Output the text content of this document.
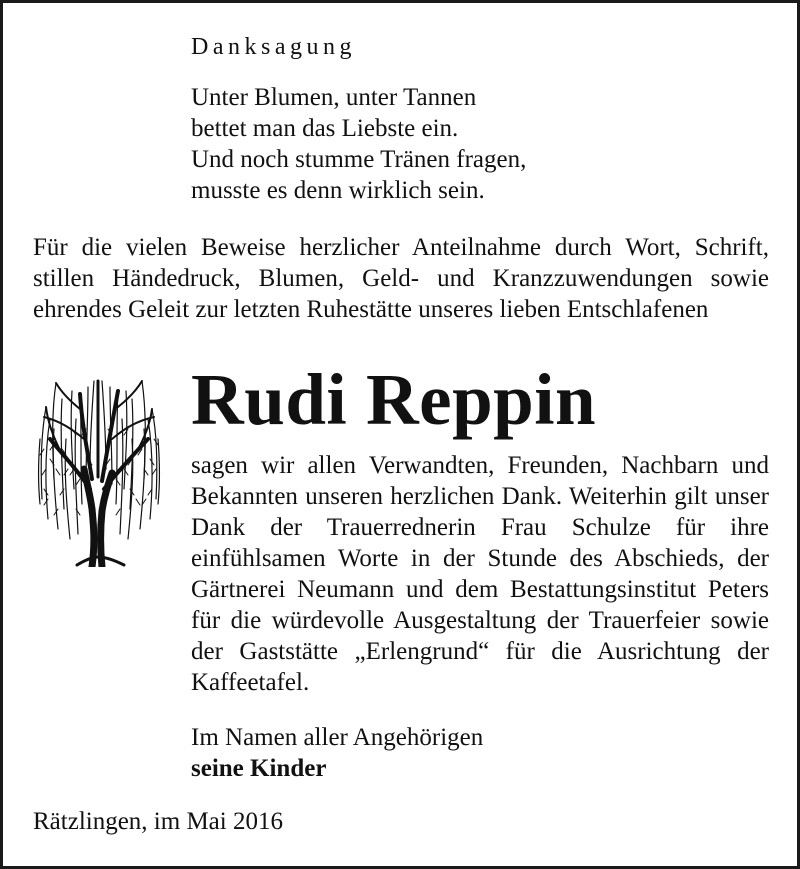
Danksagung
Unter Blumen, unter Tannen
bettet man das Liebste ein.
Und noch stumme Tränen fragen,
musste es denn wirklich sein.
Für die vielen Beweise herzlicher Anteilnahme durch Wort, Schrift, stillen Händedruck, Blumen, Geld- und Kranzzuwendungen sowie ehrendes Geleit zur letzten Ruhestätte unseres lieben Entschlafenen
Rudi Reppin
sagen wir allen Verwandten, Freunden, Nachbarn und Bekannten unseren herzlichen Dank. Weiterhin gilt unser Dank der Trauerrednerin Frau Schulze für ihre einfühlsamen Worte in der Stunde des Abschieds, der Gärtnerei Neumann und dem Bestattungsinstitut Peters für die würdevolle Ausgestaltung der Trauerfeier sowie der Gaststätte „Erlengrund“ für die Ausrichtung der Kaffeetafel.
Im Namen aller Angehörigen
seine Kinder
Rätzlingen, im Mai 2016
